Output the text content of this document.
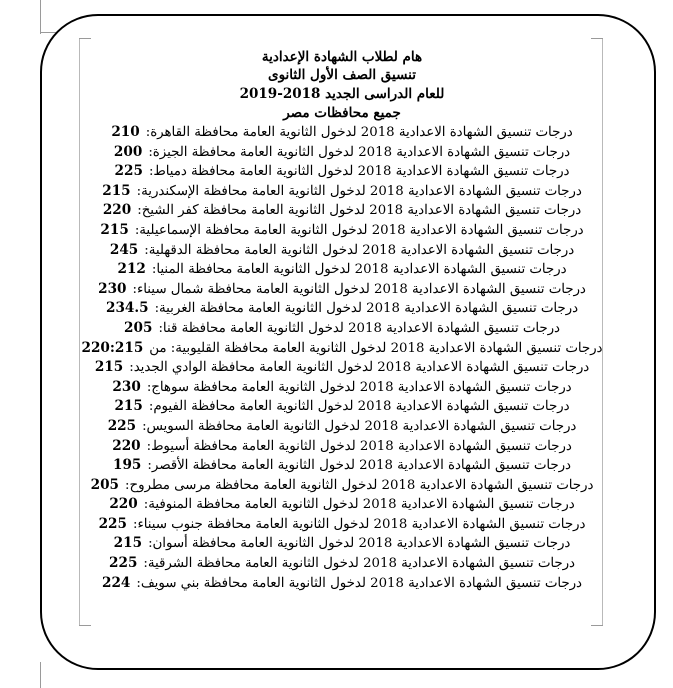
هام لطلاب الشهادة الإعدادية
تنسيق الصف الأول الثانوى
للعام الدراسى الجديد 2018-2019
جميع محافظات مصر
درجات تنسيق الشهادة الاعدادية 2018 لدخول الثانوية العامة محافظة القاهرة:210
درجات تنسيق الشهادة الاعدادية 2018 لدخول الثانوية العامة محافظة الجيزة:200
درجات تنسيق الشهادة الاعدادية 2018 لدخول الثانوية العامة محافظة دمياط:225
درجات تنسيق الشهادة الاعدادية 2018 لدخول الثانوية العامة محافظة الإسكندرية:215
درجات تنسيق الشهادة الاعدادية 2018 لدخول الثانوية العامة محافظة كفر الشيخ:220
درجات تنسيق الشهادة الاعدادية 2018 لدخول الثانوية العامة محافظة الإسماعيلية:215
درجات تنسيق الشهادة الاعدادية 2018 لدخول الثانوية العامة محافظة الدقهلية:245
درجات تنسيق الشهادة الاعدادية 2018 لدخول الثانوية العامة محافظة المنيا:212
درجات تنسيق الشهادة الاعدادية 2018 لدخول الثانوية العامة محافظة شمال سيناء:230
درجات تنسيق الشهادة الاعدادية 2018 لدخول الثانوية العامة محافظة الغربية:234.5
درجات تنسيق الشهادة الاعدادية 2018 لدخول الثانوية العامة محافظة قنا:205
درجات تنسيق الشهادة الاعدادية 2018 لدخول الثانوية العامة محافظة القليوبية: من220:215
درجات تنسيق الشهادة الاعدادية 2018 لدخول الثانوية العامة محافظة الوادي الجديد:215
درجات تنسيق الشهادة الاعدادية 2018 لدخول الثانوية العامة محافظة سوهاج:230
درجات تنسيق الشهادة الاعدادية 2018 لدخول الثانوية العامة محافظة الفيوم:215
درجات تنسيق الشهادة الاعدادية 2018 لدخول الثانوية العامة محافظة السويس:225
درجات تنسيق الشهادة الاعدادية 2018 لدخول الثانوية العامة محافظة أسيوط:220
درجات تنسيق الشهادة الاعدادية 2018 لدخول الثانوية العامة محافظة الأقصر:195
درجات تنسيق الشهادة الاعدادية 2018 لدخول الثانوية العامة محافظة مرسى مطروح:205
درجات تنسيق الشهادة الاعدادية 2018 لدخول الثانوية العامة محافظة المنوفية:220
درجات تنسيق الشهادة الاعدادية 2018 لدخول الثانوية العامة محافظة جنوب سيناء:225
درجات تنسيق الشهادة الاعدادية 2018 لدخول الثانوية العامة محافظة أسوان:215
درجات تنسيق الشهادة الاعدادية 2018 لدخول الثانوية العامة محافظة الشرقية:225
درجات تنسيق الشهادة الاعدادية 2018 لدخول الثانوية العامة محافظة بني سويف:224
